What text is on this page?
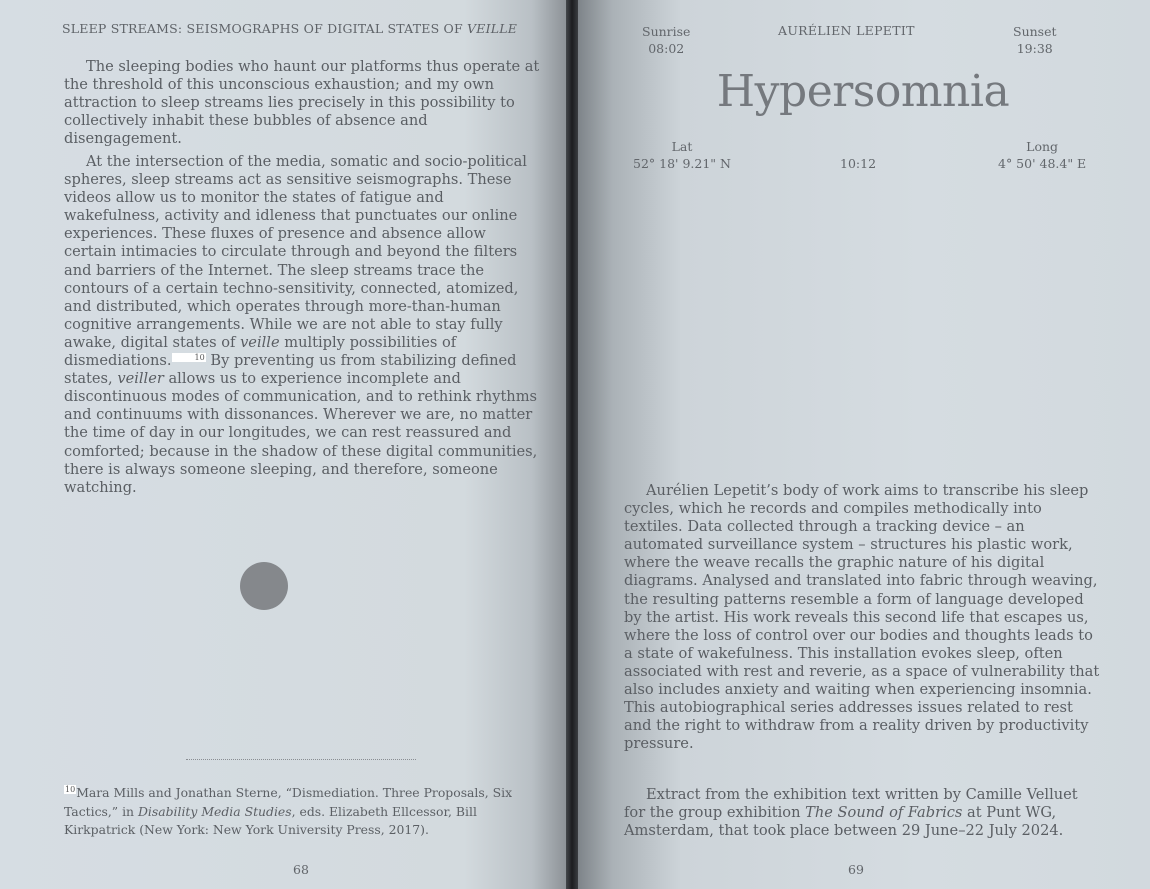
SLEEP STREAMS: SEISMOGRAPHS OF DIGITAL STATES OF VEILLE

The sleeping bodies who haunt our platforms thus operate at the threshold of this unconscious exhaustion; and my own attraction to sleep streams lies precisely in this possibility to collectively inhabit these bubbles of absence and disengagement.

At the intersection of the media, somatic and socio-political spheres, sleep streams act as sensitive seismographs. These videos allow us to monitor the states of fatigue and wakefulness, activity and idleness that punctuates our online experiences. These fluxes of presence and absence allow certain intimacies to circulate through and beyond the filters and barriers of the Internet. The sleep streams trace the contours of a certain techno-sensitivity, connected, atomized, and distributed, which operates through more-than-human cognitive arrangements. While we are not able to stay fully awake, digital states of veille multiply possibilities of dismediations.	10 By preventing us from stabilizing defined states, veiller allows us to experience incomplete and discontinuous modes of communication, and to rethink rhythms and continuums with dissonances. Wherever we are, no matter the time of day in our longitudes, we can rest reassured and comforted; because in the shadow of these digital communities, there is always someone sleeping, and therefore, someone watching.

10Mara Mills and Jonathan Sterne, “Dismediation. Three Proposals, Six Tactics,” in Disability Media Studies, eds. Elizabeth Ellcessor, Bill Kirkpatrick (New York: New York University Press, 2017).
68
Sunrise
08:02
AURÉLIEN LEPETIT	Sunset
19:38
Hypersomnia
Lat
52° 18' 9.21" N	10:12
Long
4° 50' 48.4" E

Aurélien Lepetit’s body of work aims to transcribe his sleep cycles, which he records and compiles methodically into textiles. Data collected through a tracking device – an automated surveillance system – structures his plastic work, where the weave recalls the graphic nature of his digital diagrams. Analysed and translated into fabric through weaving, the resulting patterns resemble a form of language developed by the artist. His work reveals this second life that escapes us, where the loss of control over our bodies and thoughts leads to a state of wakefulness. This installation evokes sleep, often associated with rest and reverie, as a space of vulnerability that also includes anxiety and waiting when experiencing insomnia. This autobiographical series addresses issues related to rest and the right to withdraw from a reality driven by productivity pressure.

Extract from the exhibition text written by Camille Velluet for the group exhibition The Sound of Fabrics at Punt WG, Amsterdam, that took place between 29 June–22 July 2024.

69
